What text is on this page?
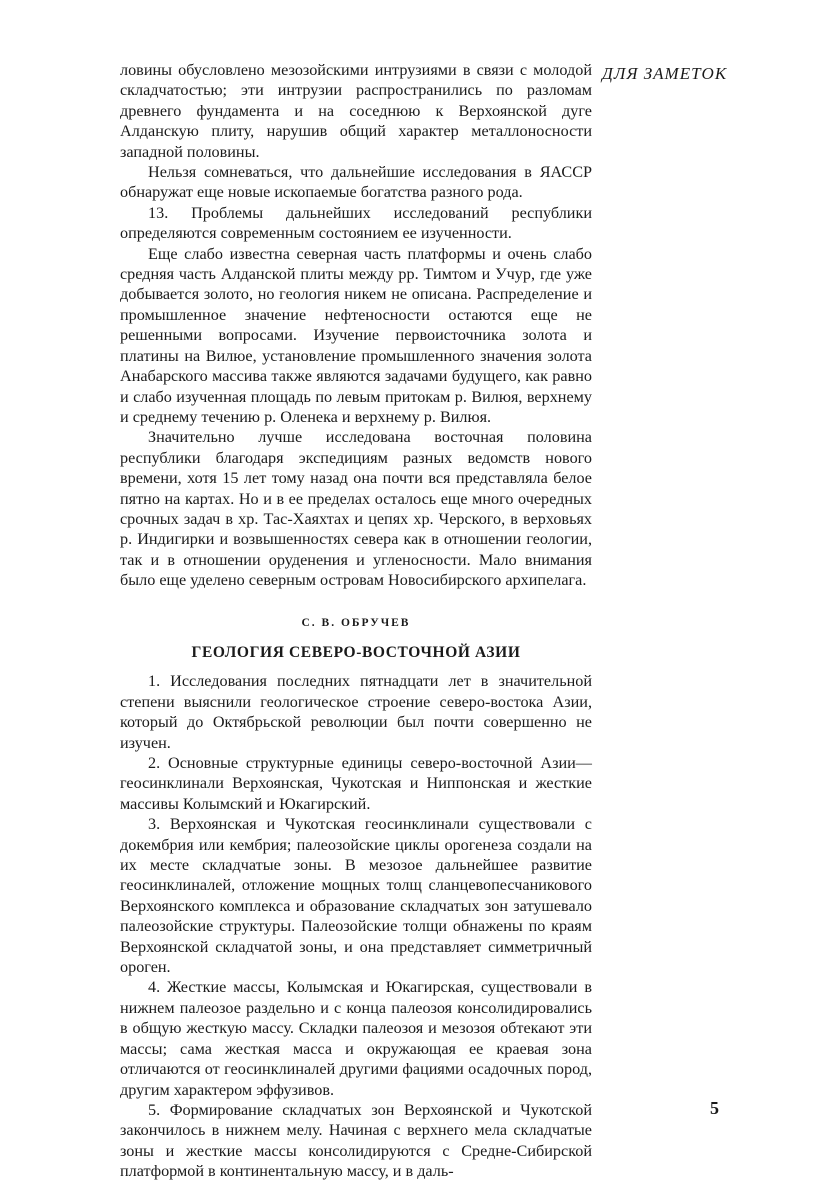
ДЛЯ ЗАМЕТОК

ловины обусловлено мезозойскими интрузиями в связи с молодой складчатостью; эти интрузии распространились по разломам древнего фундамента и на соседнюю к Верхоянской дуге Алданскую плиту, нарушив общий характер металлоносности западной половины.

Нельзя сомневаться, что дальнейшие исследования в ЯАССР обнаружат еще новые ископаемые богатства разного рода.

13. Проблемы дальнейших исследований республики определяются современным состоянием ее изученности.

Еще слабо известна северная часть платформы и очень слабо средняя часть Алданской плиты между рр. Тимтом и Учур, где уже добывается золото, но геология никем не описана. Распределение и промышленное значение нефтеносности остаются еще не решенными вопросами. Изучение первоисточника золота и платины на Вилюе, установление промышленного значения золота Анабарского массива также являются задачами будущего, как равно и слабо изученная площадь по левым притокам р. Вилюя, верхнему и среднему течению р. Оленека и верхнему р. Вилюя.

Значительно лучше исследована восточная половина республики благодаря экспедициям разных ведомств нового времени, хотя 15 лет тому назад она почти вся представляла белое пятно на картах. Но и в ее пределах осталось еще много очередных срочных задач в хр. Тас-Хаяхтах и цепях хр. Черского, в верховьях р. Индигирки и возвышенностях севера как в отношении геологии, так и в отношении оруденения и угленосности. Мало внимания было еще уделено северным островам Новосибирского архипелага.

С. В. ОБРУЧЕВ
ГЕОЛОГИЯ СЕВЕРО-ВОСТОЧНОЙ АЗИИ

1. Исследования последних пятнадцати лет в значительной степени выяснили геологическое строение северо-востока Азии, который до Октябрьской революции был почти совершенно не изучен.

2. Основные структурные единицы северо-восточной Азии—геосинклинали Верхоянская, Чукотская и Ниппонская и жесткие массивы Колымский и Юкагирский.

3. Верхоянская и Чукотская геосинклинали существовали с докембрия или кембрия; палеозойские циклы орогенеза создали на их месте складчатые зоны. В мезозое дальнейшее развитие геосинклиналей, отложение мощных толщ сланцевопесчаникового Верхоянского комплекса и образование складчатых зон затушевало палеозойские структуры. Палеозойские толщи обнажены по краям Верхоянской складчатой зоны, и она представляет симметричный ороген.

4. Жесткие массы, Колымская и Юкагирская, существовали в нижнем палеозое раздельно и с конца палеозоя консолидировались в общую жесткую массу. Складки палеозоя и мезозоя обтекают эти массы; сама жесткая масса и окружающая ее краевая зона отличаются от геосинклиналей другими фациями осадочных пород, другим характером эффузивов.

5. Формирование складчатых зон Верхоянской и Чукотской закончилось в нижнем мелу. Начиная с верхнего мела складчатые зоны и жесткие массы консолидируются с Средне-Сибирской платформой в континентальную массу, и в даль-

5
